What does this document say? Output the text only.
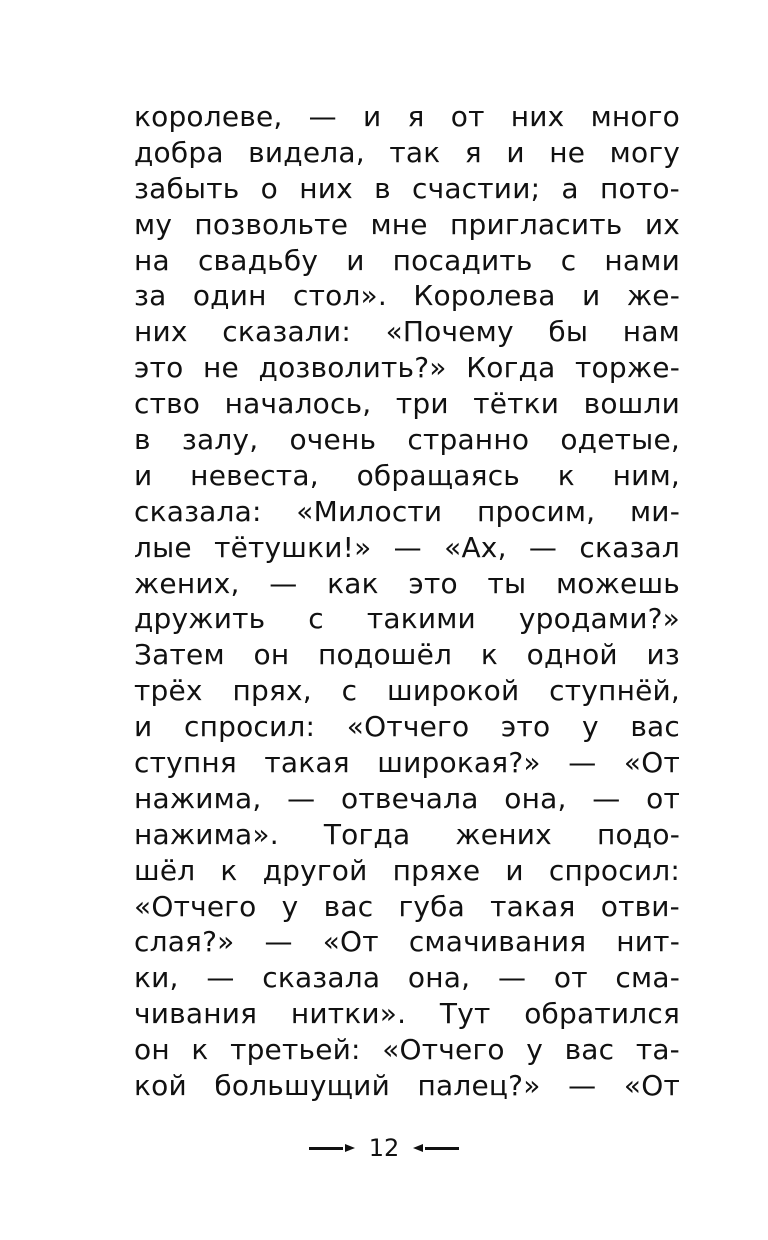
королеве, — и я от них много
добра видела, так я и не могу
забыть о них в счастии; а пото-
му позвольте мне пригласить их
на свадьбу и посадить с нами
за один стол». Королева и же-
них сказали: «Почему бы нам
это не дозволить?» Когда торже-
ство началось, три тётки вошли
в залу, очень странно одетые,
и невеста, обращаясь к ним,
сказала: «Милости просим, ми-
лые тётушки!» — «Ах, — сказал
жених, — как это ты можешь
дружить с такими уродами?»
Затем он подошёл к одной из
трёх прях, с широкой ступнёй,
и спросил: «Отчего это у вас
ступня такая широкая?» — «От
нажима, — отвечала она, — от
нажима». Тогда жених подо-
шёл к другой пряхе и спросил:
«Отчего у вас губа такая отви-
слая?» — «От смачивания нит-
ки, — сказала она, — от сма-
чивания нитки». Тут обратился
он к третьей: «Отчего у вас та-
кой большущий палец?» — «От
12
